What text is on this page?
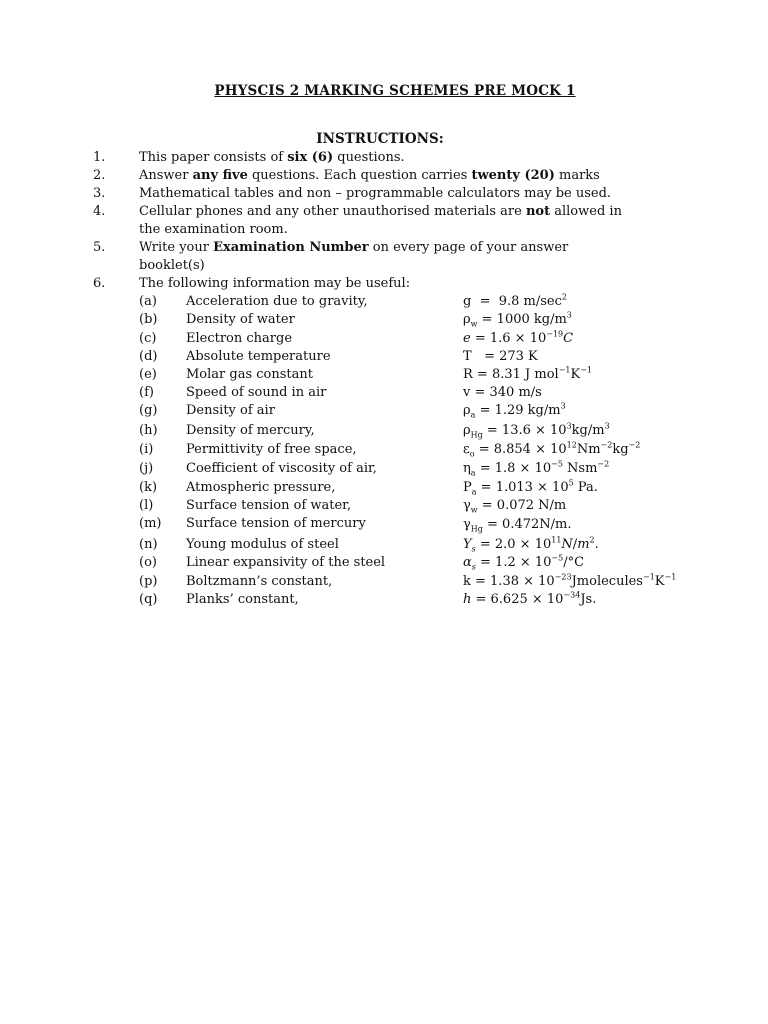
PHYSCIS 2 MARKING SCHEMES PRE MOCK 1
INSTRUCTIONS:
1.	This paper consists of six (6) questions.
2.	Answer any five questions. Each question carries twenty (20) marks
3.	Mathematical tables and non – programmable calculators may be used.
4.	Cellular phones and any other unauthorised materials are not allowed in
the examination room.
5.	Write your Examination Number on every page of your answer
booklet(s)
6.	The following information may be useful:
(a) Acceleration due to gravity,	g  =  9.8 $m/\sec^2$
(b) Density of water	$\rho_w = 1000$ $kg/m^3$
(c) Electron charge	$e = 1.6 \times 10^{-19}C$
(d) Absolute temperature	T   = 273 K
(e) Molar gas constant	R = 8.31 J $mol^{-1}K^{-1}$
(f) Speed of sound in air	v = 340 m/s
(g) Density of air	$\rho_a = 1.29$ $kg/m^3$
(h) Density of mercury,	$\rho_{Hg} = 13.6 \times 10^3kg/m^3$
(i)	Permittivity of free space,	$\varepsilon_o = 8.854 \times 10^{12}Nm^{-2}kg^{-2}$
(j)	Coefficient of viscosity of air,	$\eta_a = 1.8 \times 10^{-5}$ Nsm$^{-2}$
(k) Atmospheric pressure,	$P_a = 1.013 \times 10^5$ Pa.
(l)	Surface tension of water,	$\gamma_w = 0.072$ N/m
(m) Surface tension of mercury	$\gamma_{Hg} = 0.472N/m$.
(n) Young modulus of steel	$Y_s = 2.0 \times 10^{11}N/m^2$.
(o) Linear expansivity of the steel	$\alpha_s = 1.2 \times 10^{-5}/^\circ C$
(p) Boltzmann’s constant,	$k = 1.38 \times 10^{-23}Jmolecules^{-1}K^{-1}$
(q) Planks’ constant,	$h = 6.625 \times 10^{-34}Js$.
